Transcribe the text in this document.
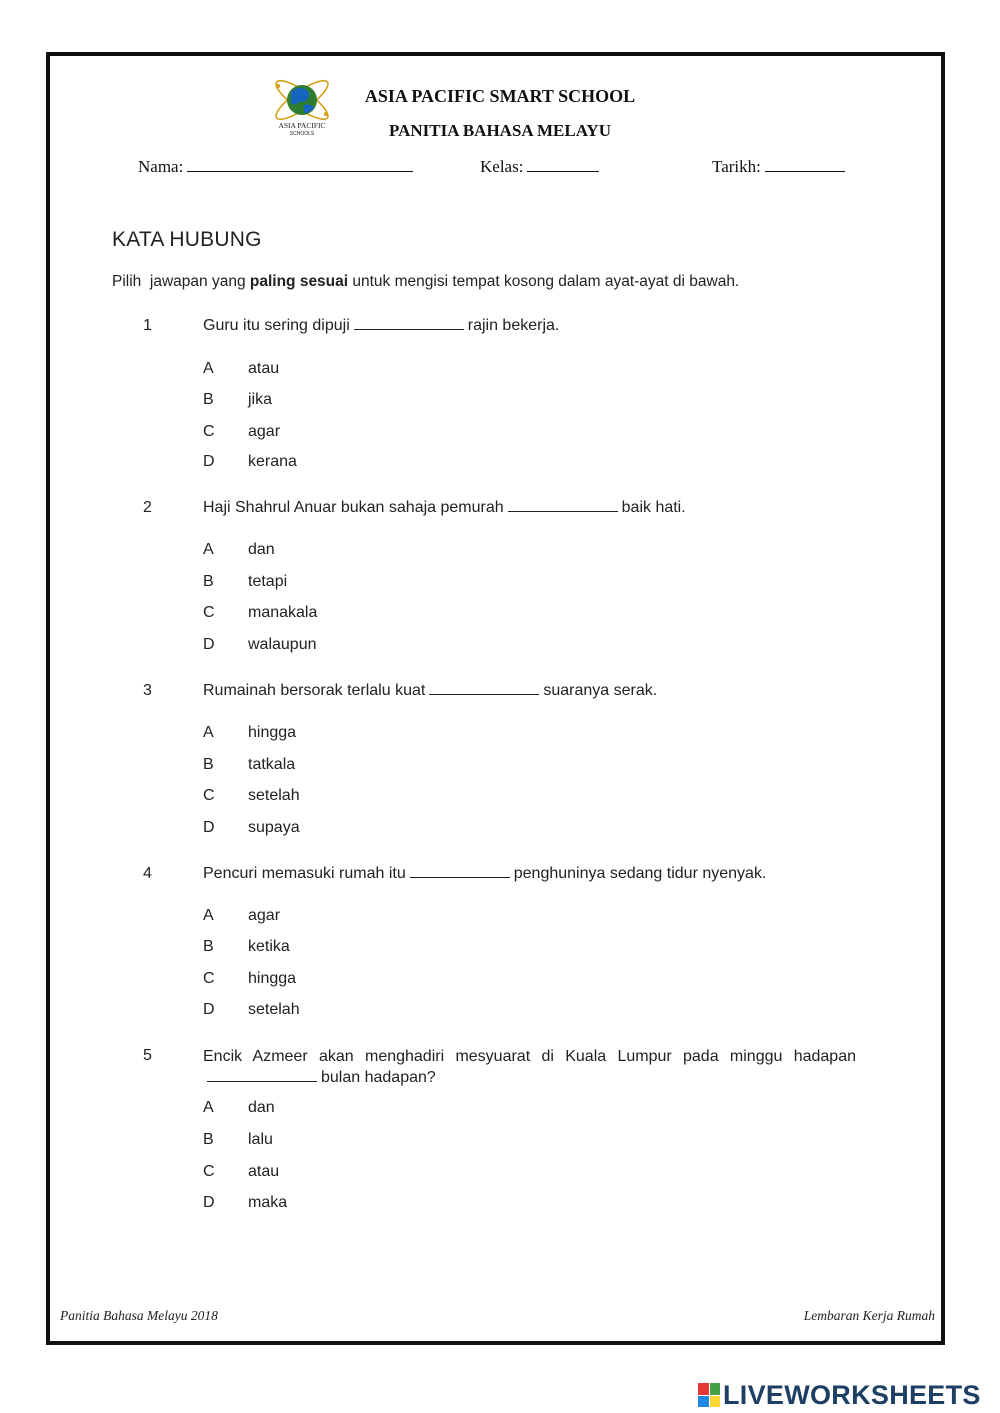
ASIA PACIFIC
SCHOOLS
ASIA PACIFIC SMART SCHOOL
PANITIA BAHASA MELAYU
Nama:	Kelas:	Tarikh:
KATA HUBUNG
Pilih  jawapan yang paling sesuai untuk mengisi tempat kosong dalam ayat-ayat di bawah.
1	Guru itu sering dipuji	rajin bekerja.
A atau
B jika
C agar
D kerana
2	Haji Shahrul Anuar bukan sahaja pemurah	baik hati.
A dan
B tetapi
C manakala
D walaupun
3	Rumainah bersorak terlalu kuat	suaranya serak.
A hingga
B tatkala
C setelah
D supaya
4	Pencuri memasuki rumah itu	penghuninya sedang tidur nyenyak.
A agar
B ketika
C hingga
D setelah
5	Encik Azmeer akan menghadiri mesyuarat di Kuala Lumpur pada minggu hadapanbulan hadapan?
A dan
B lalu
C atau
D maka
Panitia Bahasa Melayu 2018	Lembaran Kerja Rumah
LIVEWORKSHEETS
